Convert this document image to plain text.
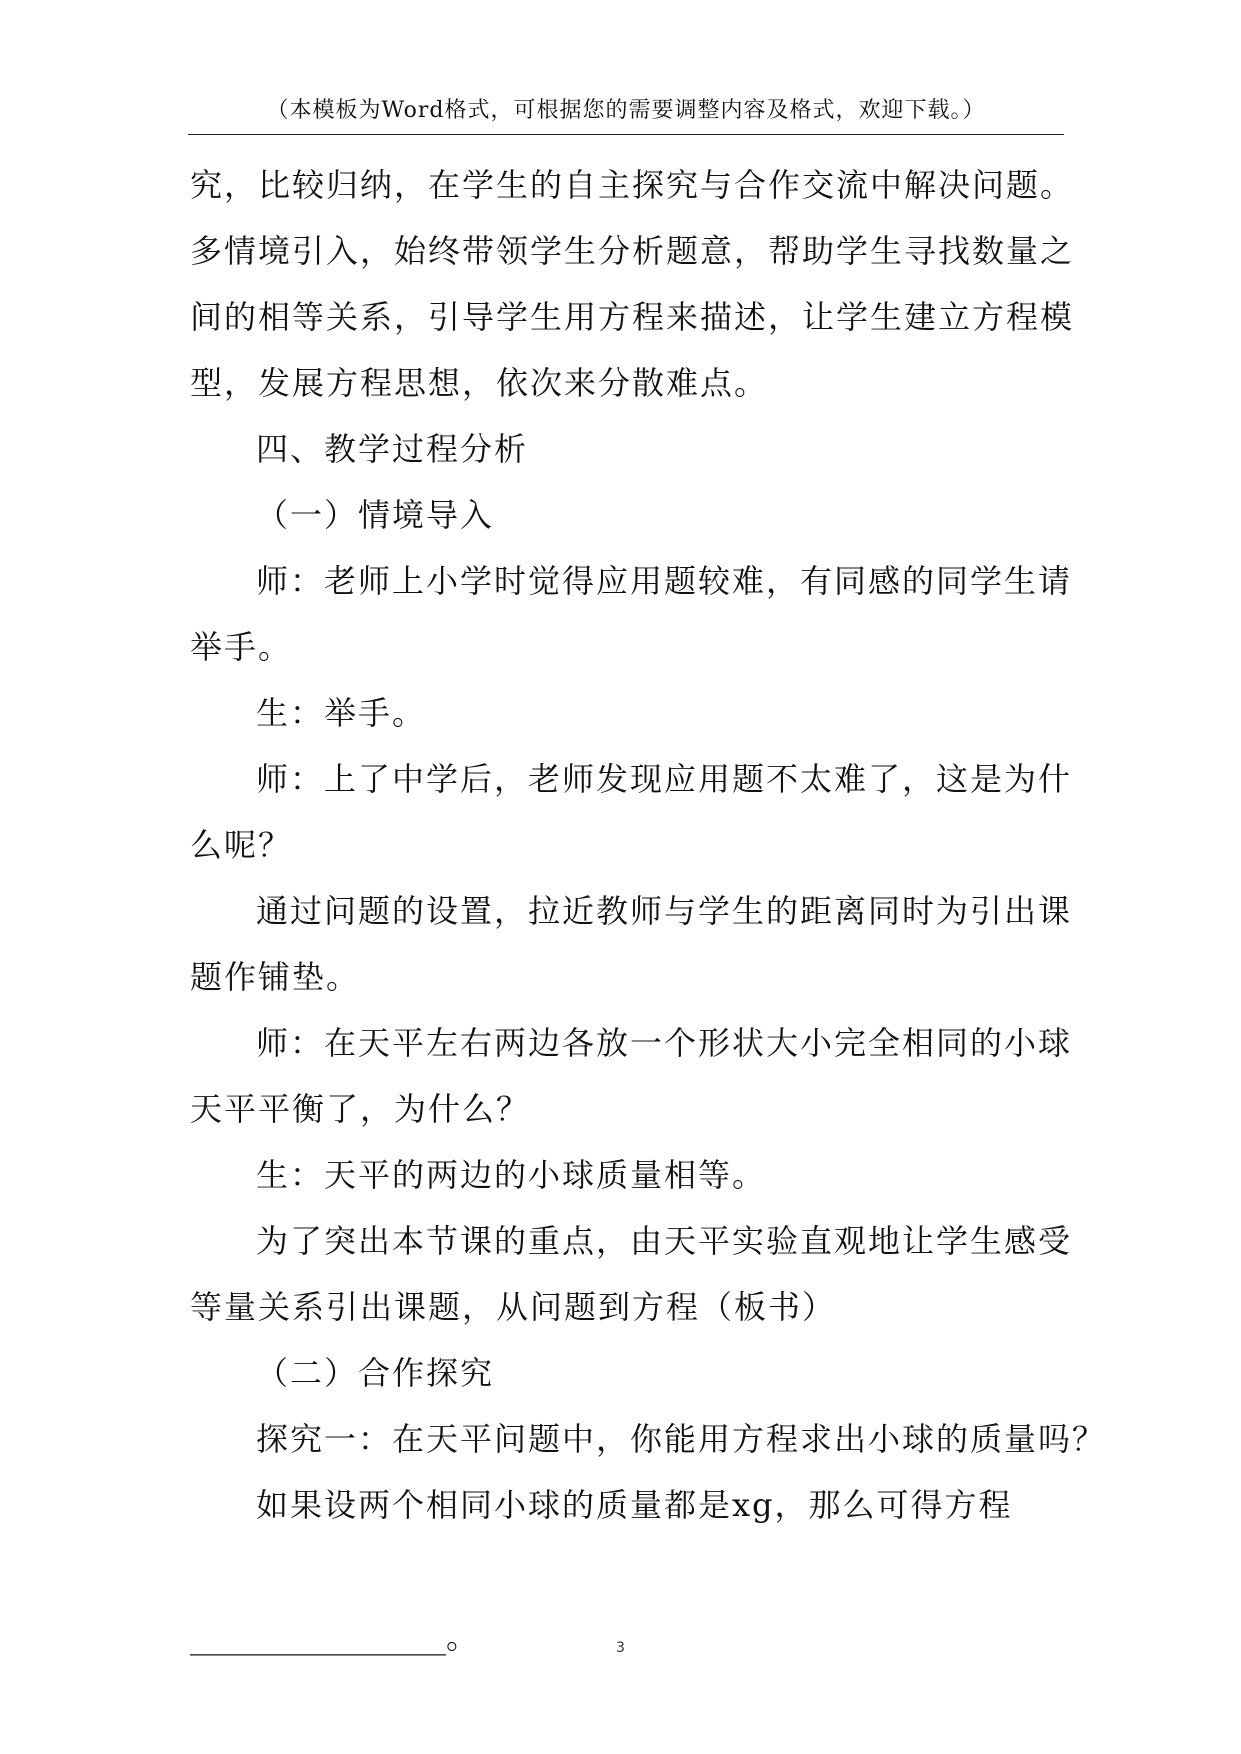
（本模板为Word格式，可根据您的需要调整内容及格式，欢迎下载。）
究，比较归纳，在学生的自主探究与合作交流中解决问题。
多情境引入，始终带领学生分析题意，帮助学生寻找数量之
间的相等关系，引导学生用方程来描述，让学生建立方程模
型，发展方程思想，依次来分散难点。
四、教学过程分析
（一）情境导入
师：老师上小学时觉得应用题较难，有同感的同学生请
举手。
生：举手。
师：上了中学后，老师发现应用题不太难了，这是为什
么呢？
通过问题的设置，拉近教师与学生的距离同时为引出课
题作铺垫。
师：在天平左右两边各放一个形状大小完全相同的小球
天平平衡了，为什么？
生：天平的两边的小球质量相等。
为了突出本节课的重点，由天平实验直观地让学生感受
等量关系引出课题，从问题到方程（板书）
（二）合作探究
探究一：在天平问题中，你能用方程求出小球的质量吗？
如果设两个相同小球的质量都是xg，那么可得方程
________________。	3
